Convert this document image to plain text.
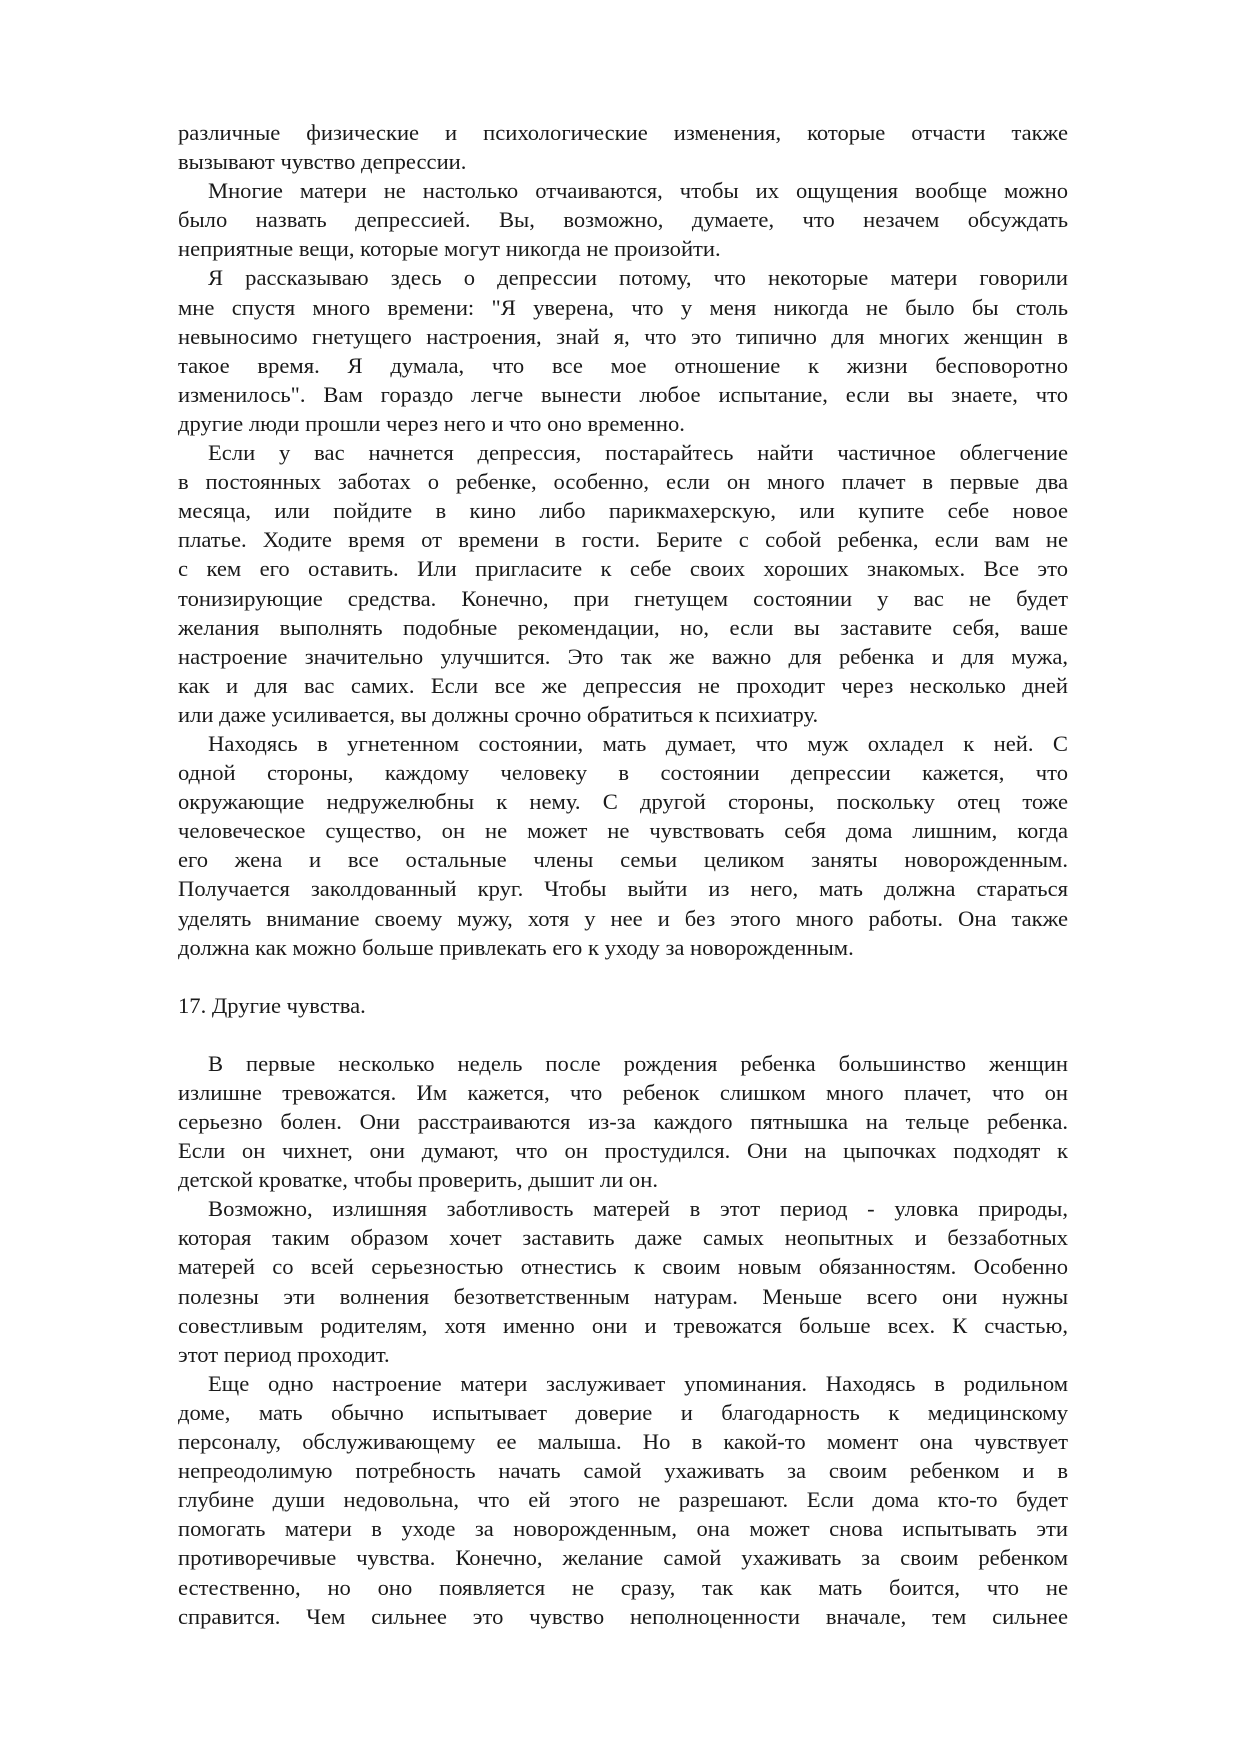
различные физические и психологические изменения, которые отчасти также
вызывают чувство депрессии.
Многие матери не настолько отчаиваются, чтобы их ощущения вообще можно
было назвать депрессией. Вы, возможно, думаете, что незачем обсуждать
неприятные вещи, которые могут никогда не произойти.
Я рассказываю здесь о депрессии потому, что некоторые матери говорили
мне спустя много времени: "Я уверена, что у меня никогда не было бы столь
невыносимо гнетущего настроения, знай я, что это типично для многих женщин в
такое время. Я думала, что все мое отношение к жизни бесповоротно
изменилось". Вам гораздо легче вынести любое испытание, если вы знаете, что
другие люди прошли через него и что оно временно.
Если у вас начнется депрессия, постарайтесь найти частичное облегчение
в постоянных заботах о ребенке, особенно, если он много плачет в первые два
месяца, или пойдите в кино либо парикмахерскую, или купите себе новое
платье. Ходите время от времени в гости. Берите с собой ребенка, если вам не
с кем его оставить. Или пригласите к себе своих хороших знакомых. Все это
тонизирующие средства. Конечно, при гнетущем состоянии у вас не будет
желания выполнять подобные рекомендации, но, если вы заставите себя, ваше
настроение значительно улучшится. Это так же важно для ребенка и для мужа,
как и для вас самих. Если все же депрессия не проходит через несколько дней
или даже усиливается, вы должны срочно обратиться к психиатру.
Находясь в угнетенном состоянии, мать думает, что муж охладел к ней. С
одной стороны, каждому человеку в состоянии депрессии кажется, что
окружающие недружелюбны к нему. С другой стороны, поскольку отец тоже
человеческое существо, он не может не чувствовать себя дома лишним, когда
его жена и все остальные члены семьи целиком заняты новорожденным.
Получается заколдованный круг. Чтобы выйти из него, мать должна стараться
уделять внимание своему мужу, хотя у нее и без этого много работы. Она также
должна как можно больше привлекать его к уходу за новорожденным.
17. Другие чувства.
В первые несколько недель после рождения ребенка большинство женщин
излишне тревожатся. Им кажется, что ребенок слишком много плачет, что он
серьезно болен. Они расстраиваются из-за каждого пятнышка на тельце ребенка.
Если он чихнет, они думают, что он простудился. Они на цыпочках подходят к
детской кроватке, чтобы проверить, дышит ли он.
Возможно, излишняя заботливость матерей в этот период - уловка природы,
которая таким образом хочет заставить даже самых неопытных и беззаботных
матерей со всей серьезностью отнестись к своим новым обязанностям. Особенно
полезны эти волнения безответственным натурам. Меньше всего они нужны
совестливым родителям, хотя именно они и тревожатся больше всех. К счастью,
этот период проходит.
Еще одно настроение матери заслуживает упоминания. Находясь в родильном
доме, мать обычно испытывает доверие и благодарность к медицинскому
персоналу, обслуживающему ее малыша. Но в какой-то момент она чувствует
непреодолимую потребность начать самой ухаживать за своим ребенком и в
глубине души недовольна, что ей этого не разрешают. Если дома кто-то будет
помогать матери в уходе за новорожденным, она может снова испытывать эти
противоречивые чувства. Конечно, желание самой ухаживать за своим ребенком
естественно, но оно появляется не сразу, так как мать боится, что не
справится. Чем сильнее это чувство неполноценности вначале, тем сильнее
